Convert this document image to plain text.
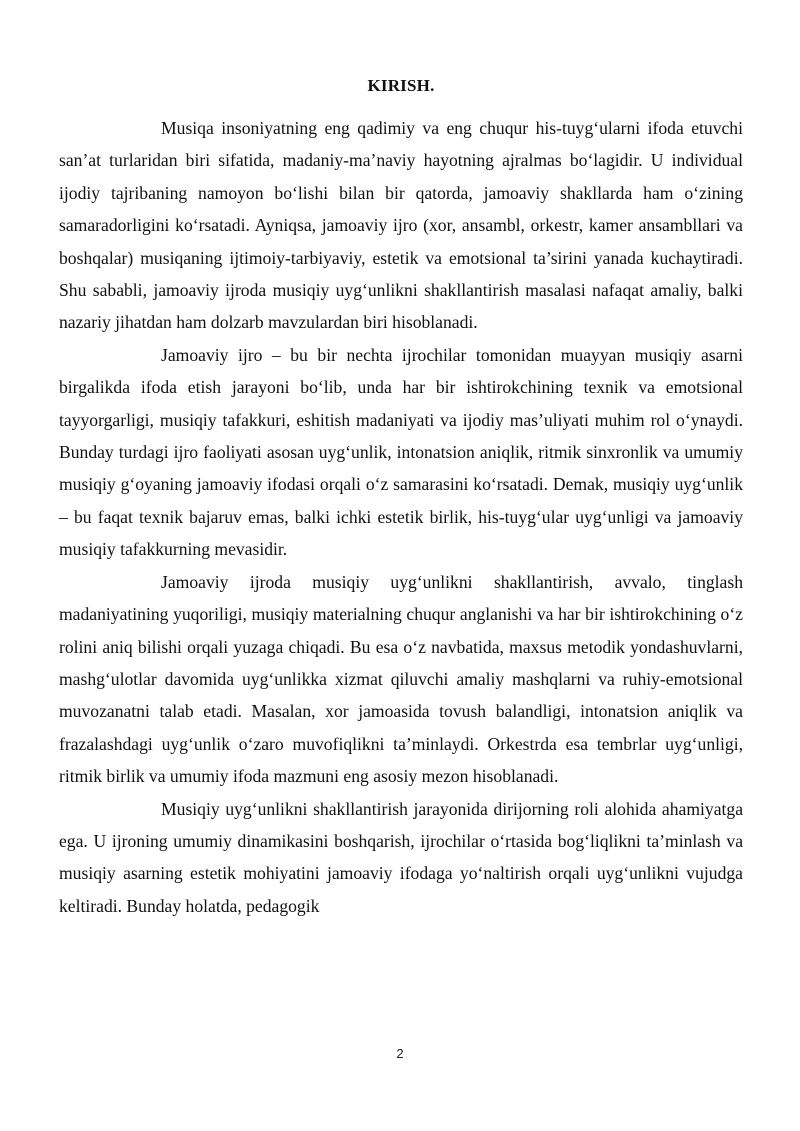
KIRISH.

Musiqa insoniyatning eng qadimiy va eng chuqur his-tuyg‘ularni ifoda etuvchi san’at turlaridan biri sifatida, madaniy-ma’naviy hayotning ajralmas bo‘lagidir. U individual ijodiy tajribaning namoyon bo‘lishi bilan bir qatorda, jamoaviy shakllarda ham o‘zining samaradorligini ko‘rsatadi. Ayniqsa, jamoaviy ijro (xor, ansambl, orkestr, kamer ansambllari va boshqalar) musiqaning ijtimoiy-tarbiyaviy, estetik va emotsional ta’sirini yanada kuchaytiradi. Shu sababli, jamoaviy ijroda musiqiy uyg‘unlikni shakllantirish masalasi nafaqat amaliy, balki nazariy jihatdan ham dolzarb mavzulardan biri hisoblanadi.

Jamoaviy ijro – bu bir nechta ijrochilar tomonidan muayyan musiqiy asarni birgalikda ifoda etish jarayoni bo‘lib, unda har bir ishtirokchining texnik va emotsional tayyorgarligi, musiqiy tafakkuri, eshitish madaniyati va ijodiy mas’uliyati muhim rol o‘ynaydi. Bunday turdagi ijro faoliyati asosan uyg‘unlik, intonatsion aniqlik, ritmik sinxronlik va umumiy musiqiy g‘oyaning jamoaviy ifodasi orqali o‘z samarasini ko‘rsatadi. Demak, musiqiy uyg‘unlik – bu faqat texnik bajaruv emas, balki ichki estetik birlik, his-tuyg‘ular uyg‘unligi va jamoaviy musiqiy tafakkurning mevasidir.

Jamoaviy ijroda musiqiy uyg‘unlikni shakllantirish, avvalo, tinglash madaniyatining yuqoriligi, musiqiy materialning chuqur anglanishi va har bir ishtirokchining o‘z rolini aniq bilishi orqali yuzaga chiqadi. Bu esa o‘z navbatida, maxsus metodik yondashuvlarni, mashg‘ulotlar davomida uyg‘unlikka xizmat qiluvchi amaliy mashqlarni va ruhiy-emotsional muvozanatni talab etadi. Masalan, xor jamoasida tovush balandligi, intonatsion aniqlik va frazalashdagi uyg‘unlik o‘zaro muvofiqlikni ta’minlaydi. Orkestrda esa tembrlar uyg‘unligi, ritmik birlik va umumiy ifoda mazmuni eng asosiy mezon hisoblanadi.

Musiqiy uyg‘unlikni shakllantirish jarayonida dirijorning roli alohida ahamiyatga ega. U ijroning umumiy dinamikasini boshqarish, ijrochilar o‘rtasida bog‘liqlikni ta’minlash va musiqiy asarning estetik mohiyatini jamoaviy ifodaga yo‘naltirish orqali uyg‘unlikni vujudga keltiradi. Bunday holatda, pedagogik

2
